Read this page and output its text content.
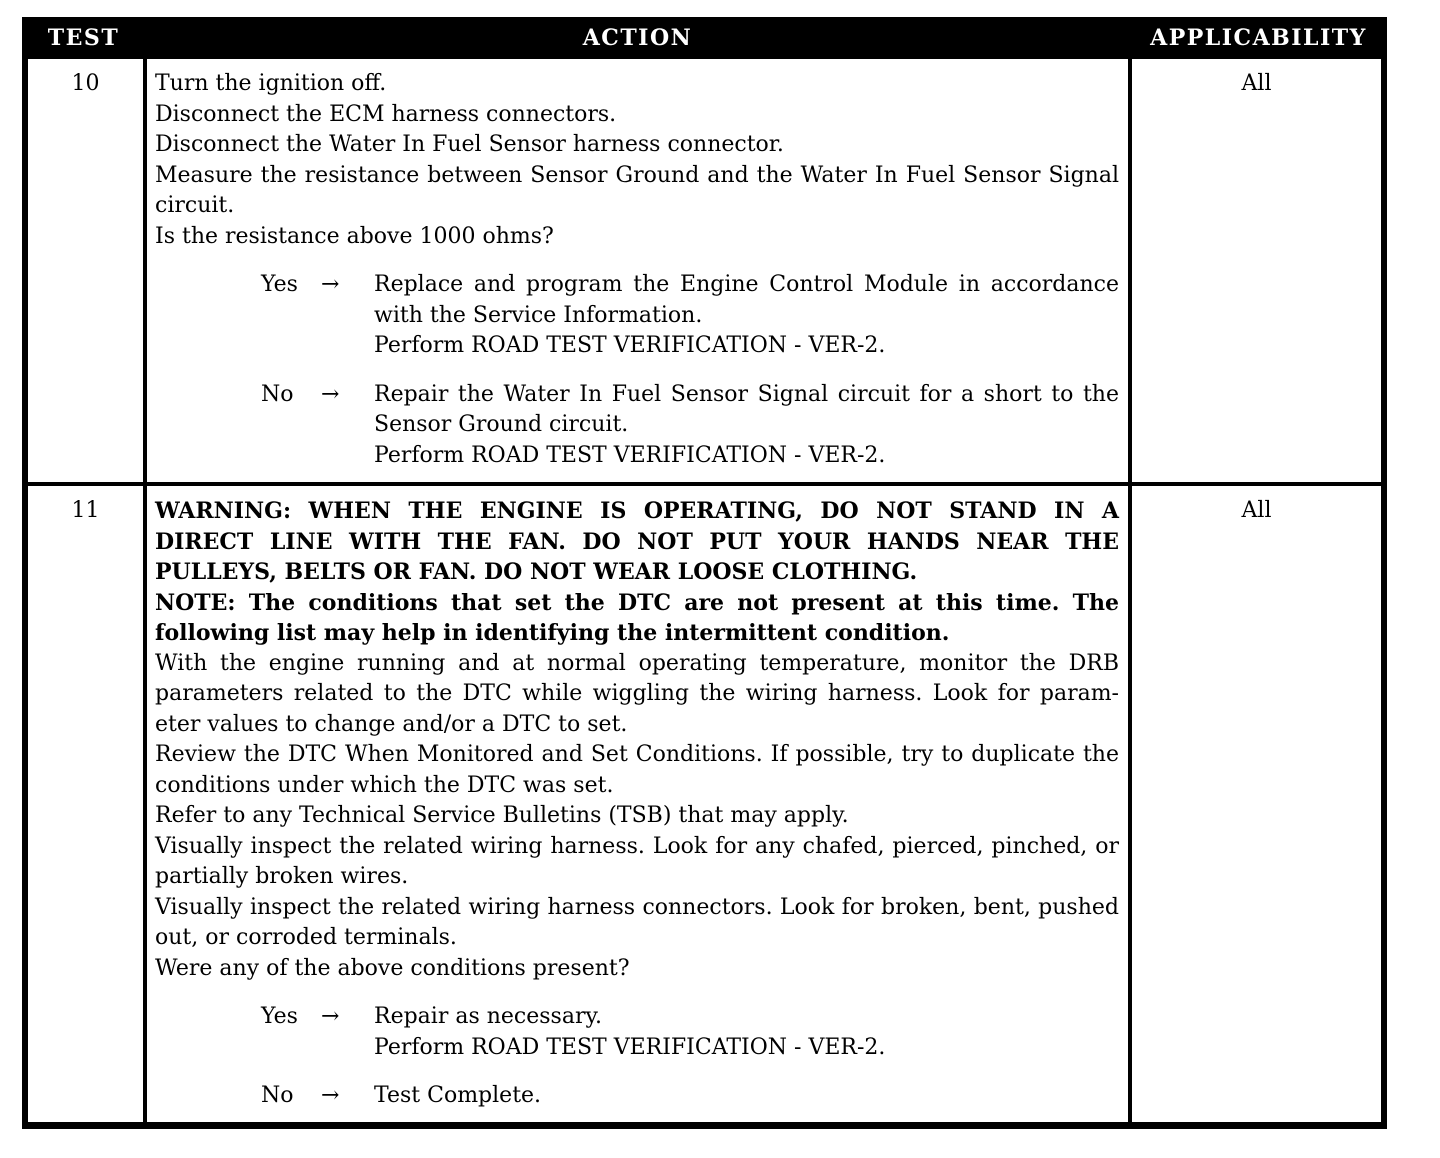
TEST	ACTION	APPLICABILITY
10	Turn the ignition off.
Disconnect the ECM harness connectors.
Disconnect the Water In Fuel Sensor harness connector.
Measure the resistance between Sensor Ground and the Water In Fuel Sensor Signal circuit.
Is the resistance above 1000 ohms?
Yes	→	Replace and program the Engine Control Module in accordance with the Service Information.
Perform ROAD TEST VERIFICATION - VER-2.
No	→	Repair the Water In Fuel Sensor Signal circuit for a short to the Sensor Ground circuit.
Perform ROAD TEST VERIFICATION - VER-2.
All
11	WARNING: WHEN THE ENGINE IS OPERATING, DO NOT STAND IN A DIRECT LINE WITH THE FAN. DO NOT PUT YOUR HANDS NEAR THE PULLEYS, BELTS OR FAN. DO NOT WEAR LOOSE CLOTHING.
NOTE: The conditions that set the DTC are not present at this time. The following list may help in identifying the intermittent condition.
With the engine running and at normal operating temperature, monitor the DRB parameters related to the DTC while wiggling the wiring harness. Look for param-eter values to change and/or a DTC to set.
Review the DTC When Monitored and Set Conditions. If possible, try to duplicate the conditions under which the DTC was set.
Refer to any Technical Service Bulletins (TSB) that may apply.
Visually inspect the related wiring harness. Look for any chafed, pierced, pinched, or partially broken wires.
Visually inspect the related wiring harness connectors. Look for broken, bent, pushed out, or corroded terminals.
Were any of the above conditions present?
Yes	→	Repair as necessary.
Perform ROAD TEST VERIFICATION - VER-2.
No	→	Test Complete.
All
